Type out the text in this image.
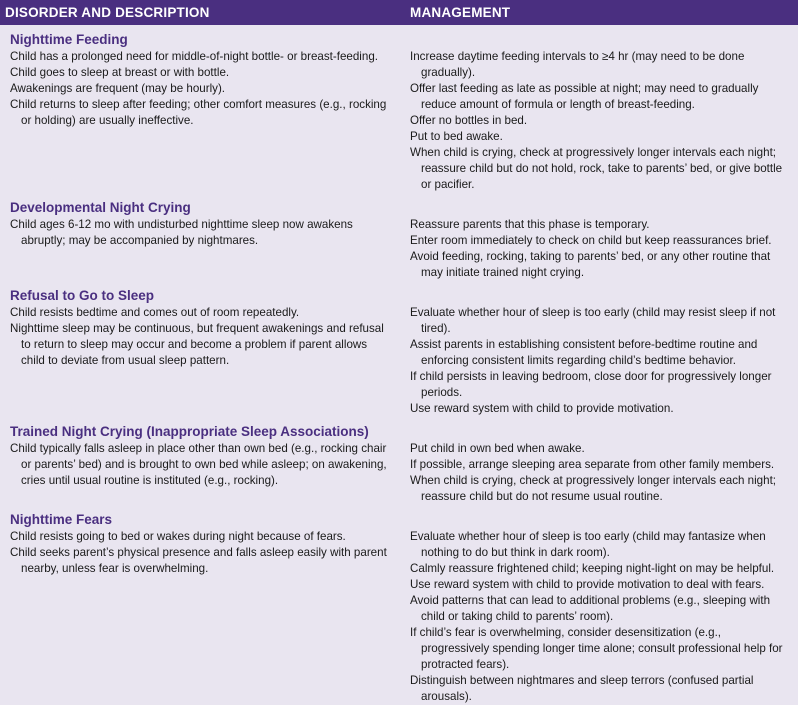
DISORDER AND DESCRIPTION	MANAGEMENT
Nighttime Feeding
Child has a prolonged need for middle-of-night bottle- or breast-feeding.
Child goes to sleep at breast or with bottle.
Awakenings are frequent (may be hourly).
Child returns to sleep after feeding; other comfort measures (e.g., rocking or holding) are usually ineffective.
Increase daytime feeding intervals to ≥4 hr (may need to be done gradually).
Offer last feeding as late as possible at night; may need to gradually reduce amount of formula or length of breast-feeding.
Offer no bottles in bed.
Put to bed awake.
When child is crying, check at progressively longer intervals each night; reassure child but do not hold, rock, take to parents’ bed, or give bottle or pacifier.
Developmental Night Crying
Child ages 6-12 mo with undisturbed nighttime sleep now awakens abruptly; may be accompanied by nightmares.
Reassure parents that this phase is temporary.
Enter room immediately to check on child but keep reassurances brief.
Avoid feeding, rocking, taking to parents’ bed, or any other routine that may initiate trained night crying.
Refusal to Go to Sleep
Child resists bedtime and comes out of room repeatedly.
Nighttime sleep may be continuous, but frequent awakenings and refusal to return to sleep may occur and become a problem if parent allows child to deviate from usual sleep pattern.
Evaluate whether hour of sleep is too early (child may resist sleep if not tired).
Assist parents in establishing consistent before-bedtime routine and enforcing consistent limits regarding child’s bedtime behavior.
If child persists in leaving bedroom, close door for progressively longer periods.
Use reward system with child to provide motivation.
Trained Night Crying (Inappropriate Sleep Associations)
Child typically falls asleep in place other than own bed (e.g., rocking chair or parents’ bed) and is brought to own bed while asleep; on awakening, cries until usual routine is instituted (e.g., rocking).
Put child in own bed when awake.
If possible, arrange sleeping area separate from other family members.
When child is crying, check at progressively longer intervals each night; reassure child but do not resume usual routine.
Nighttime Fears
Child resists going to bed or wakes during night because of fears.
Child seeks parent’s physical presence and falls asleep easily with parent nearby, unless fear is overwhelming.
Evaluate whether hour of sleep is too early (child may fantasize when nothing to do but think in dark room).
Calmly reassure frightened child; keeping night-light on may be helpful.
Use reward system with child to provide motivation to deal with fears.
Avoid patterns that can lead to additional problems (e.g., sleeping with child or taking child to parents’ room).
If child’s fear is overwhelming, consider desensitization (e.g., progressively spending longer time alone; consult professional help for protracted fears).
Distinguish between nightmares and sleep terrors (confused partial arousals).
